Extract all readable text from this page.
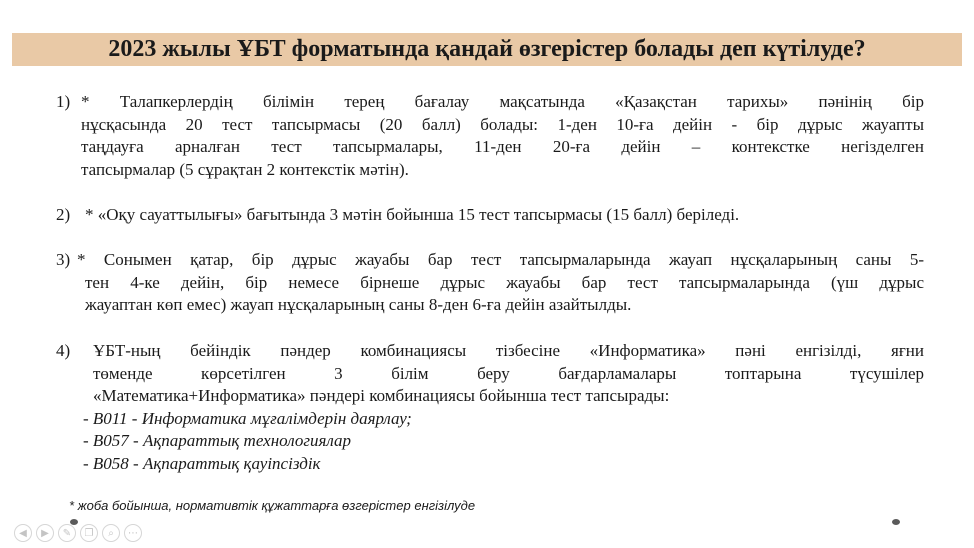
2023 жылы ҰБТ форматында қандай өзгерістер болады деп күтілуде?
1) * Талапкерлердің білімін терең бағалау мақсатында «Қазақстан тарихы» пәнінің бір

нұсқасында 20 тест тапсырмасы (20 балл) болады: 1-ден 10-ға дейін - бір дұрыс жауапты

таңдауға арналған тест тапсырмалары, 11-ден 20-ға дейін – контекстке негізделген

тапсырмалар (5 сұрақтан 2 контекстік мәтін).

2) * «Оқу сауаттылығы» бағытында 3 мәтін бойынша 15 тест тапсырмасы (15 балл) беріледі.

3) * Сонымен қатар, бір дұрыс жауабы бар тест тапсырмаларында жауап нұсқаларының саны 5-

тен 4-ке дейін, бір немесе бірнеше дұрыс жауабы бар тест тапсырмаларында (үш дұрыс

жауаптан көп емес) жауап нұсқаларының саны 8-ден 6-ға дейін азайтылды.

4) ҰБТ-ның бейіндік пәндер комбинациясы тізбесіне «Информатика» пәні енгізілді, яғни

төменде көрсетілген 3 білім беру бағдарламалары топтарына түсушілер

«Математика+Информатика» пәндері комбинациясы бойынша тест тапсырады:

- В011 - Информатика мұғалімдерін даярлау;

- В057 - Ақпараттық технологиялар

- В058 - Ақпараттық қауіпсіздік

* жоба бойынша, нормативтік құжаттарға өзгерістер енгізілуде
◀	▶	✎	❐	⌕	⋯
